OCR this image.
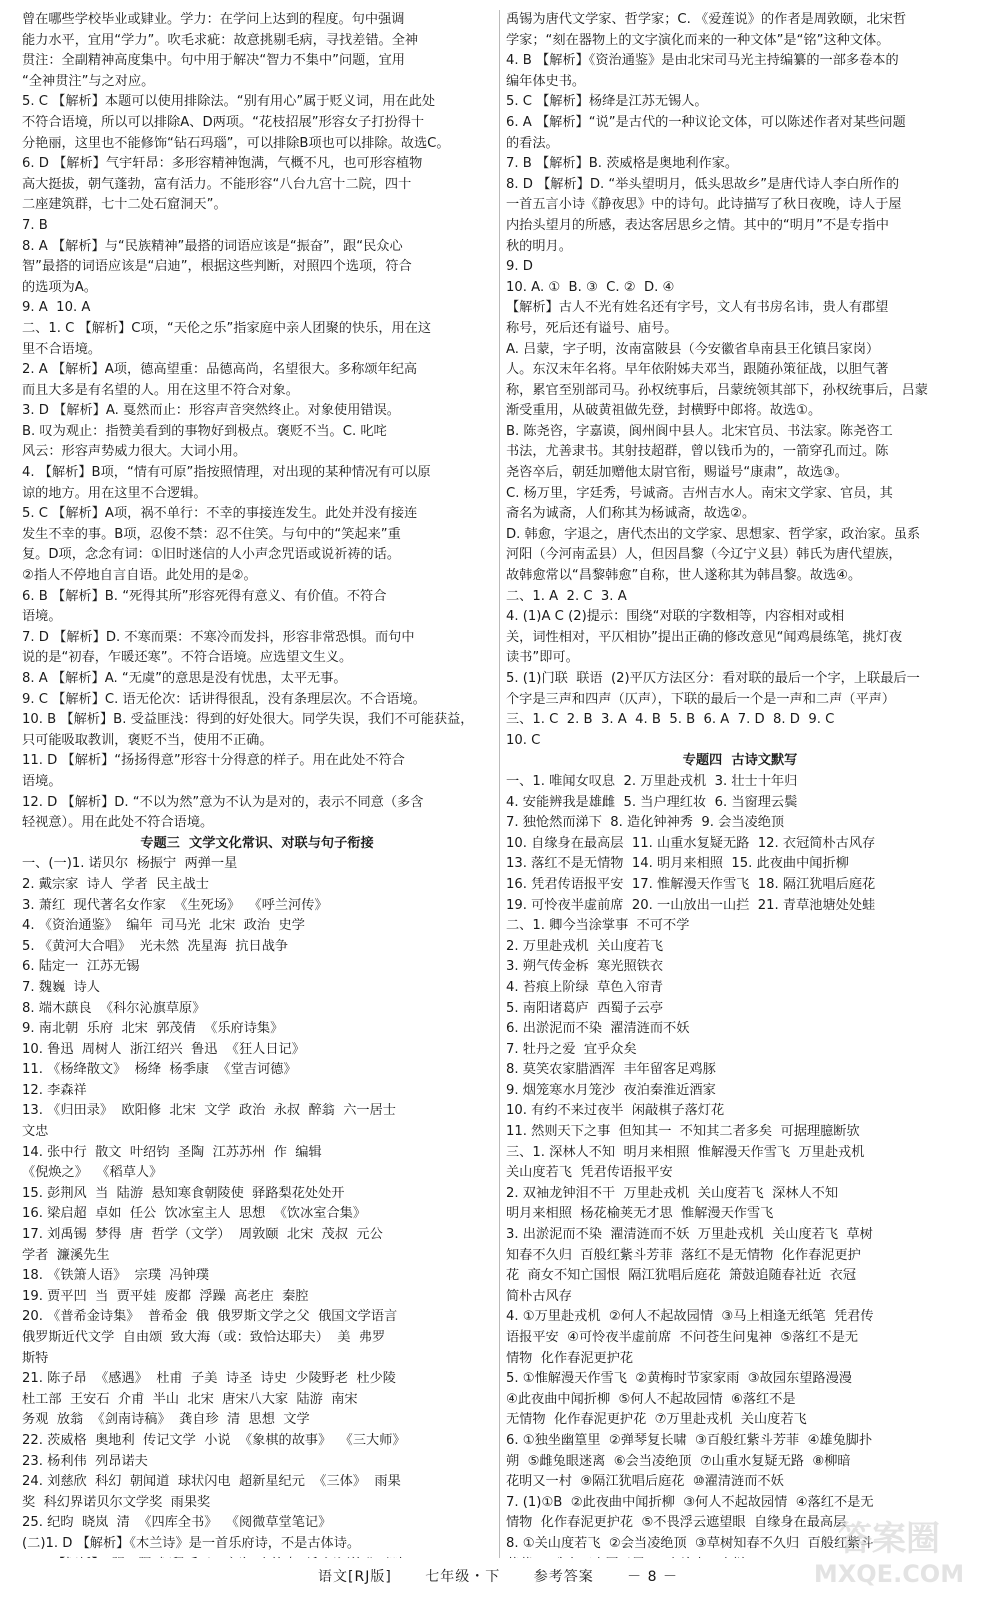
曾在哪些学校毕业或肄业。学力：在学问上达到的程度。句中强调
能力水平，宜用“学力”。吹毛求疵：故意挑剔毛病，寻找差错。全神
贯注：全副精神高度集中。句中用于解决“智力不集中”问题，宜用
“全神贯注”与之对应。
5. C 【解析】本题可以使用排除法。“别有用心”属于贬义词，用在此处
不符合语境，所以可以排除A、D两项。“花枝招展”形容女子打扮得十
分艳丽，这里也不能修饰“钻石玛瑙”，可以排除B项也可以排除。故选C。
6. D 【解析】气宇轩昂：多形容精神饱满，气概不凡，也可形容植物
高大挺拔，朝气蓬勃，富有活力。不能形容“八台九宫十二院，四十
二座建筑群，七十二处石窟洞天”。
7. B
8. A 【解析】与“民族精神”最搭的词语应该是“振奋”，跟“民众心
智”最搭的词语应该是“启迪”，根据这些判断，对照四个选项，符合
的选项为A。
9. A  10. A
二、1. C 【解析】C项，“天伦之乐”指家庭中亲人团聚的快乐，用在这
里不合语境。
2. A 【解析】A项，德高望重：品德高尚，名望很大。多称颂年纪高
而且大多是有名望的人。用在这里不符合对象。
3. D 【解析】A. 戛然而止：形容声音突然终止。对象使用错误。
B. 叹为观止：指赞美看到的事物好到极点。褒贬不当。C. 叱咤
风云：形容声势威力很大。大词小用。
4. 【解析】B项，“情有可原”指按照情理，对出现的某种情况有可以原
谅的地方。用在这里不合逻辑。
5. C 【解析】A项，祸不单行：不幸的事接连发生。此处并没有接连
发生不幸的事。B项，忍俊不禁：忍不住笑。与句中的“笑起来”重
复。D项，念念有词：①旧时迷信的人小声念咒语或说祈祷的话。
②指人不停地自言自语。此处用的是②。
6. B 【解析】B. “死得其所”形容死得有意义、有价值。不符合
语境。
7. D 【解析】D. 不寒而栗：不寒冷而发抖，形容非常恐惧。而句中
说的是“初春，乍暖还寒”。不符合语境。应选望文生义。
8. A 【解析】A. “无虞”的意思是没有忧患，太平无事。
9. C 【解析】C. 语无伦次：话讲得很乱，没有条理层次。不合语境。
10. B 【解析】B. 受益匪浅：得到的好处很大。同学失误，我们不可能获益，
只可能吸取教训，褒贬不当，使用不正确。
11. D 【解析】“扬扬得意”形容十分得意的样子。用在此处不符合
语境。
12. D 【解析】D. “不以为然”意为不认为是对的，表示不同意（多含
轻视意）。用在此处不符合语境。
专题三  文学文化常识、对联与句子衔接
一、(一)1. 诺贝尔  杨振宁  两弹一星
2. 戴宗家  诗人  学者  民主战士
3. 萧红  现代著名女作家  《生死场》  《呼兰河传》
4. 《资治通鉴》  编年  司马光  北宋  政治  史学
5. 《黄河大合唱》  光未然  冼星海  抗日战争
6. 陆定一  江苏无锡
7. 魏巍  诗人
8. 端木蕻良  《科尔沁旗草原》
9. 南北朝  乐府  北宋  郭茂倩  《乐府诗集》
10. 鲁迅  周树人  浙江绍兴  鲁迅  《狂人日记》
11. 《杨绛散文》  杨绛  杨季康  《堂吉诃德》
12. 李森祥
13. 《归田录》  欧阳修  北宋  文学  政治  永叔  醉翁  六一居士
文忠
14. 张中行  散文  叶绍钧  圣陶  江苏苏州  作  编辑
《倪焕之》  《稻草人》
15. 彭荆风  当  陆游  悬知寒食朝陵使  驿路梨花处处开
16. 梁启超  卓如  任公  饮冰室主人  思想  《饮冰室合集》
17. 刘禹锡  梦得  唐  哲学（文学）  周敦颐  北宋  茂叔  元公
学者  濂溪先生
18. 《铁箫人语》  宗璞  冯钟璞
19. 贾平凹  当  贾平娃  废都  浮躁  高老庄  秦腔
20. 《普希金诗集》  普希金  俄  俄罗斯文学之父  俄国文学语言
俄罗斯近代文学  自由颂  致大海（或：致恰达耶夫）  美  弗罗
斯特
21. 陈子昂  《感遇》  杜甫  子美  诗圣  诗史  少陵野老  杜少陵
杜工部  王安石  介甫  半山  北宋  唐宋八大家  陆游  南宋
务观  放翁  《剑南诗稿》  龚自珍  清  思想  文学
22. 茨威格  奥地利  传记文学  小说  《象棋的故事》  《三大师》
23. 杨利伟  列昂诺夫
24. 刘慈欣  科幻  朝闻道  球状闪电  超新星纪元  《三体》  雨果
奖  科幻界诺贝尔文学奖  雨果奖
25. 纪昀  晓岚  清  《四库全书》  《阅微草堂笔记》
(二)1. D 【解析】《木兰诗》是一首乐府诗，不是古体诗。
禹锡为唐代文学家、哲学家；C. 《爱莲说》的作者是周敦颐，北宋哲
学家；“刻在器物上的文字演化而来的一种文体”是“铭”这种文体。
4. B 【解析】《资治通鉴》是由北宋司马光主持编纂的一部多卷本的
编年体史书。
5. C 【解析】杨绛是江苏无锡人。
6. A 【解析】“说”是古代的一种议论文体，可以陈述作者对某些问题
的看法。
7. B 【解析】B. 茨威格是奥地利作家。
8. D 【解析】D. “举头望明月，低头思故乡”是唐代诗人李白所作的
一首五言小诗《静夜思》中的诗句。此诗描写了秋日夜晚，诗人于屋
内抬头望月的所感，表达客居思乡之情。其中的“明月”不是专指中
秋的明月。
9. D
10. A. ①  B. ③  C. ②  D. ④
【解析】古人不光有姓名还有字号，文人有书房名讳，贵人有郡望
称号，死后还有谥号、庙号。
A. 吕蒙，字子明，汝南富陂县（今安徽省阜南县王化镇吕家岗）
人。东汉末年名将。早年依附姊夫邓当，跟随孙策征战，以胆气著
称，累官至别部司马。孙权统事后，吕蒙统领其部下，孙权统事后，吕蒙
渐受重用，从破黄祖做先登，封横野中郎将。故选①。
B. 陈尧咨，字嘉谟，阆州阆中县人。北宋官员、书法家。陈尧咨工
书法，尤善隶书。其射技超群，曾以钱币为的，一箭穿孔而过。陈
尧咨卒后，朝廷加赠他太尉官衔，赐谥号“康肃”，故选③。
C. 杨万里，字廷秀，号诚斋。吉州吉水人。南宋文学家、官员，其
斋名为诚斋，人们称其为杨诚斋，故选②。
D. 韩愈，字退之，唐代杰出的文学家、思想家、哲学家，政治家。虽系
河阳（今河南孟县）人，但因昌黎（今辽宁义县）韩氏为唐代望族，
故韩愈常以“昌黎韩愈”自称，世人遂称其为韩昌黎。故选④。
二、1. A  2. C  3. A
4. (1)A C (2)提示：围绕“对联的字数相等，内容相对或相
关，词性相对，平仄相协”提出正确的修改意见“闻鸡晨练笔，挑灯夜
读书”即可。
5. (1)门联  联语  (2)平仄方法区分：看对联的最后一个字，上联最后一
个字是三声和四声（仄声），下联的最后一个是一声和二声（平声）
三、1. C  2. B  3. A  4. B  5. B  6. A  7. D  8. D  9. C
10. C
专题四  古诗文默写
一、1. 唯闻女叹息  2. 万里赴戎机  3. 壮士十年归
4. 安能辨我是雄雌  5. 当户理红妆  6. 当窗理云鬓
7. 独怆然而涕下  8. 造化钟神秀  9. 会当凌绝顶
10. 自缘身在最高层  11. 山重水复疑无路  12. 衣冠简朴古风存
13. 落红不是无情物  14. 明月来相照  15. 此夜曲中闻折柳
16. 凭君传语报平安  17. 惟解漫天作雪飞  18. 隔江犹唱后庭花
19. 可怜夜半虚前席  20. 一山放出一山拦  21. 青草池塘处处蛙
二、1. 卿今当涂掌事  不可不学
2. 万里赴戎机  关山度若飞
3. 朔气传金柝  寒光照铁衣
4. 苔痕上阶绿  草色入帘青
5. 南阳诸葛庐  西蜀子云亭
6. 出淤泥而不染  濯清涟而不妖
7. 牡丹之爱  宜乎众矣
8. 莫笑农家腊酒浑  丰年留客足鸡豚
9. 烟笼寒水月笼沙  夜泊秦淮近酒家
10. 有约不来过夜半  闲敲棋子落灯花
11. 然则天下之事  但知其一  不知其二者多矣  可据理臆断欤
三、1. 深林人不知  明月来相照  惟解漫天作雪飞  万里赴戎机
关山度若飞  凭君传语报平安
2. 双袖龙钟泪不干  万里赴戎机  关山度若飞  深林人不知
明月来相照  杨花榆荚无才思  惟解漫天作雪飞
3. 出淤泥而不染  濯清涟而不妖  万里赴戎机  关山度若飞  草树
知春不久归  百般红紫斗芳菲  落红不是无情物  化作春泥更护
花  商女不知亡国恨  隔江犹唱后庭花  箫鼓追随春社近  衣冠
简朴古风存
4. ①万里赴戎机  ②何人不起故园情  ③马上相逢无纸笔  凭君传
语报平安  ④可怜夜半虚前席  不问苍生问鬼神  ⑤落红不是无
情物  化作春泥更护花
5. ①惟解漫天作雪飞  ②黄梅时节家家雨  ③故园东望路漫漫
④此夜曲中闻折柳  ⑤何人不起故园情  ⑥落红不是
无情物  化作春泥更护花  ⑦万里赴戎机  关山度若飞
6. ①独坐幽篁里  ②弹琴复长啸  ③百般红紫斗芳菲  ④雄兔脚扑
朔  ⑤雌兔眼迷离  ⑥会当凌绝顶  ⑦山重水复疑无路  ⑧柳暗
花明又一村  ⑨隔江犹唱后庭花  ⑩濯清涟而不妖
7. (1)①B  ②此夜曲中闻折柳  ③何人不起故园情  ④落红不是无
情物  化作春泥更护花  ⑤不畏浮云遮望眼  自缘身在最高层
8. ①关山度若飞  ②会当凌绝顶  ③草树知春不久归  百般红紫斗
语文[RJ版] 七年级・下 参考答案 － 8 －
答案圈
MXQE.COM
